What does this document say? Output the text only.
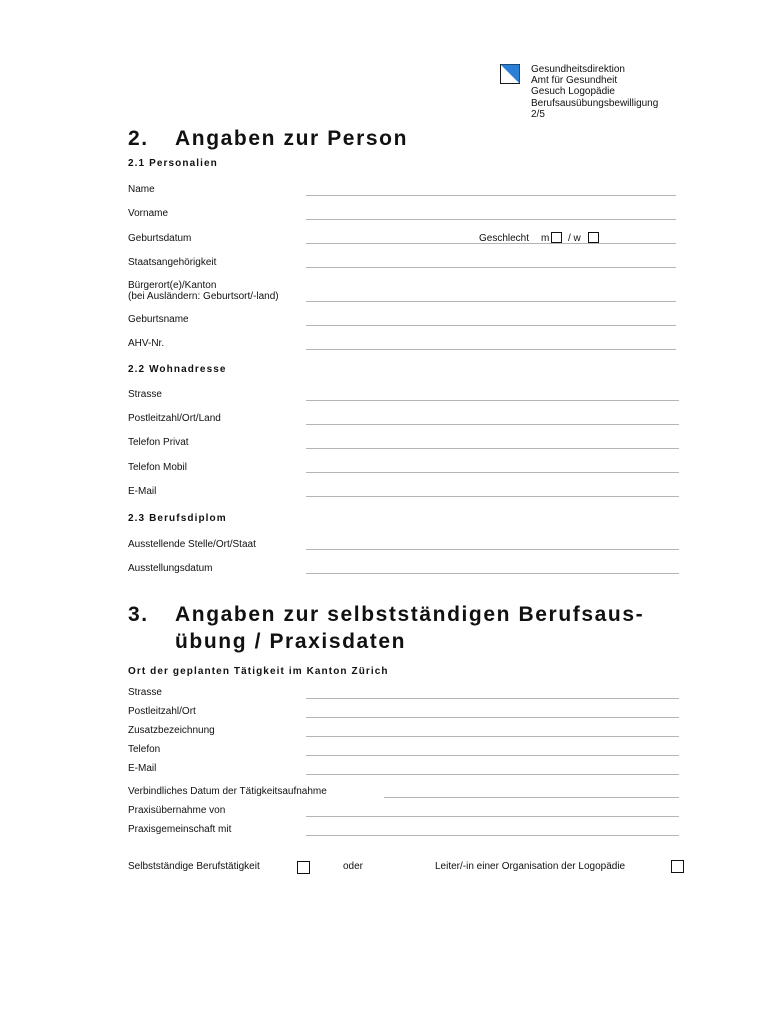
Gesundheitsdirektion
Amt für Gesundheit
Gesuch Logopädie
Berufsausübungsbewilligung
2/5
2. Angaben zur Person
2.1 Personalien
Name
Vorname
Geburtsdatum	Geschlecht m / w
Staatsangehörigkeit
Bürgerort(e)/Kanton
(bei Ausländern: Geburtsort/-land)
Geburtsname
AHV-Nr.
2.2 Wohnadresse
Strasse
Postleitzahl/Ort/Land
Telefon Privat
Telefon Mobil
E-Mail
2.3 Berufsdiplom
Ausstellende Stelle/Ort/Staat
Ausstellungsdatum
3. Angaben zur selbstständigen Berufsaus-
übung / Praxisdaten
Ort der geplanten Tätigkeit im Kanton Zürich
Strasse
Postleitzahl/Ort
Zusatzbezeichnung
Telefon
E-Mail
Verbindliches Datum der Tätigkeitsaufnahme
Praxisübernahme von
Praxisgemeinschaft mit
Selbstständige Berufstätigkeit	oder	Leiter/-in einer Organisation der Logopädie
